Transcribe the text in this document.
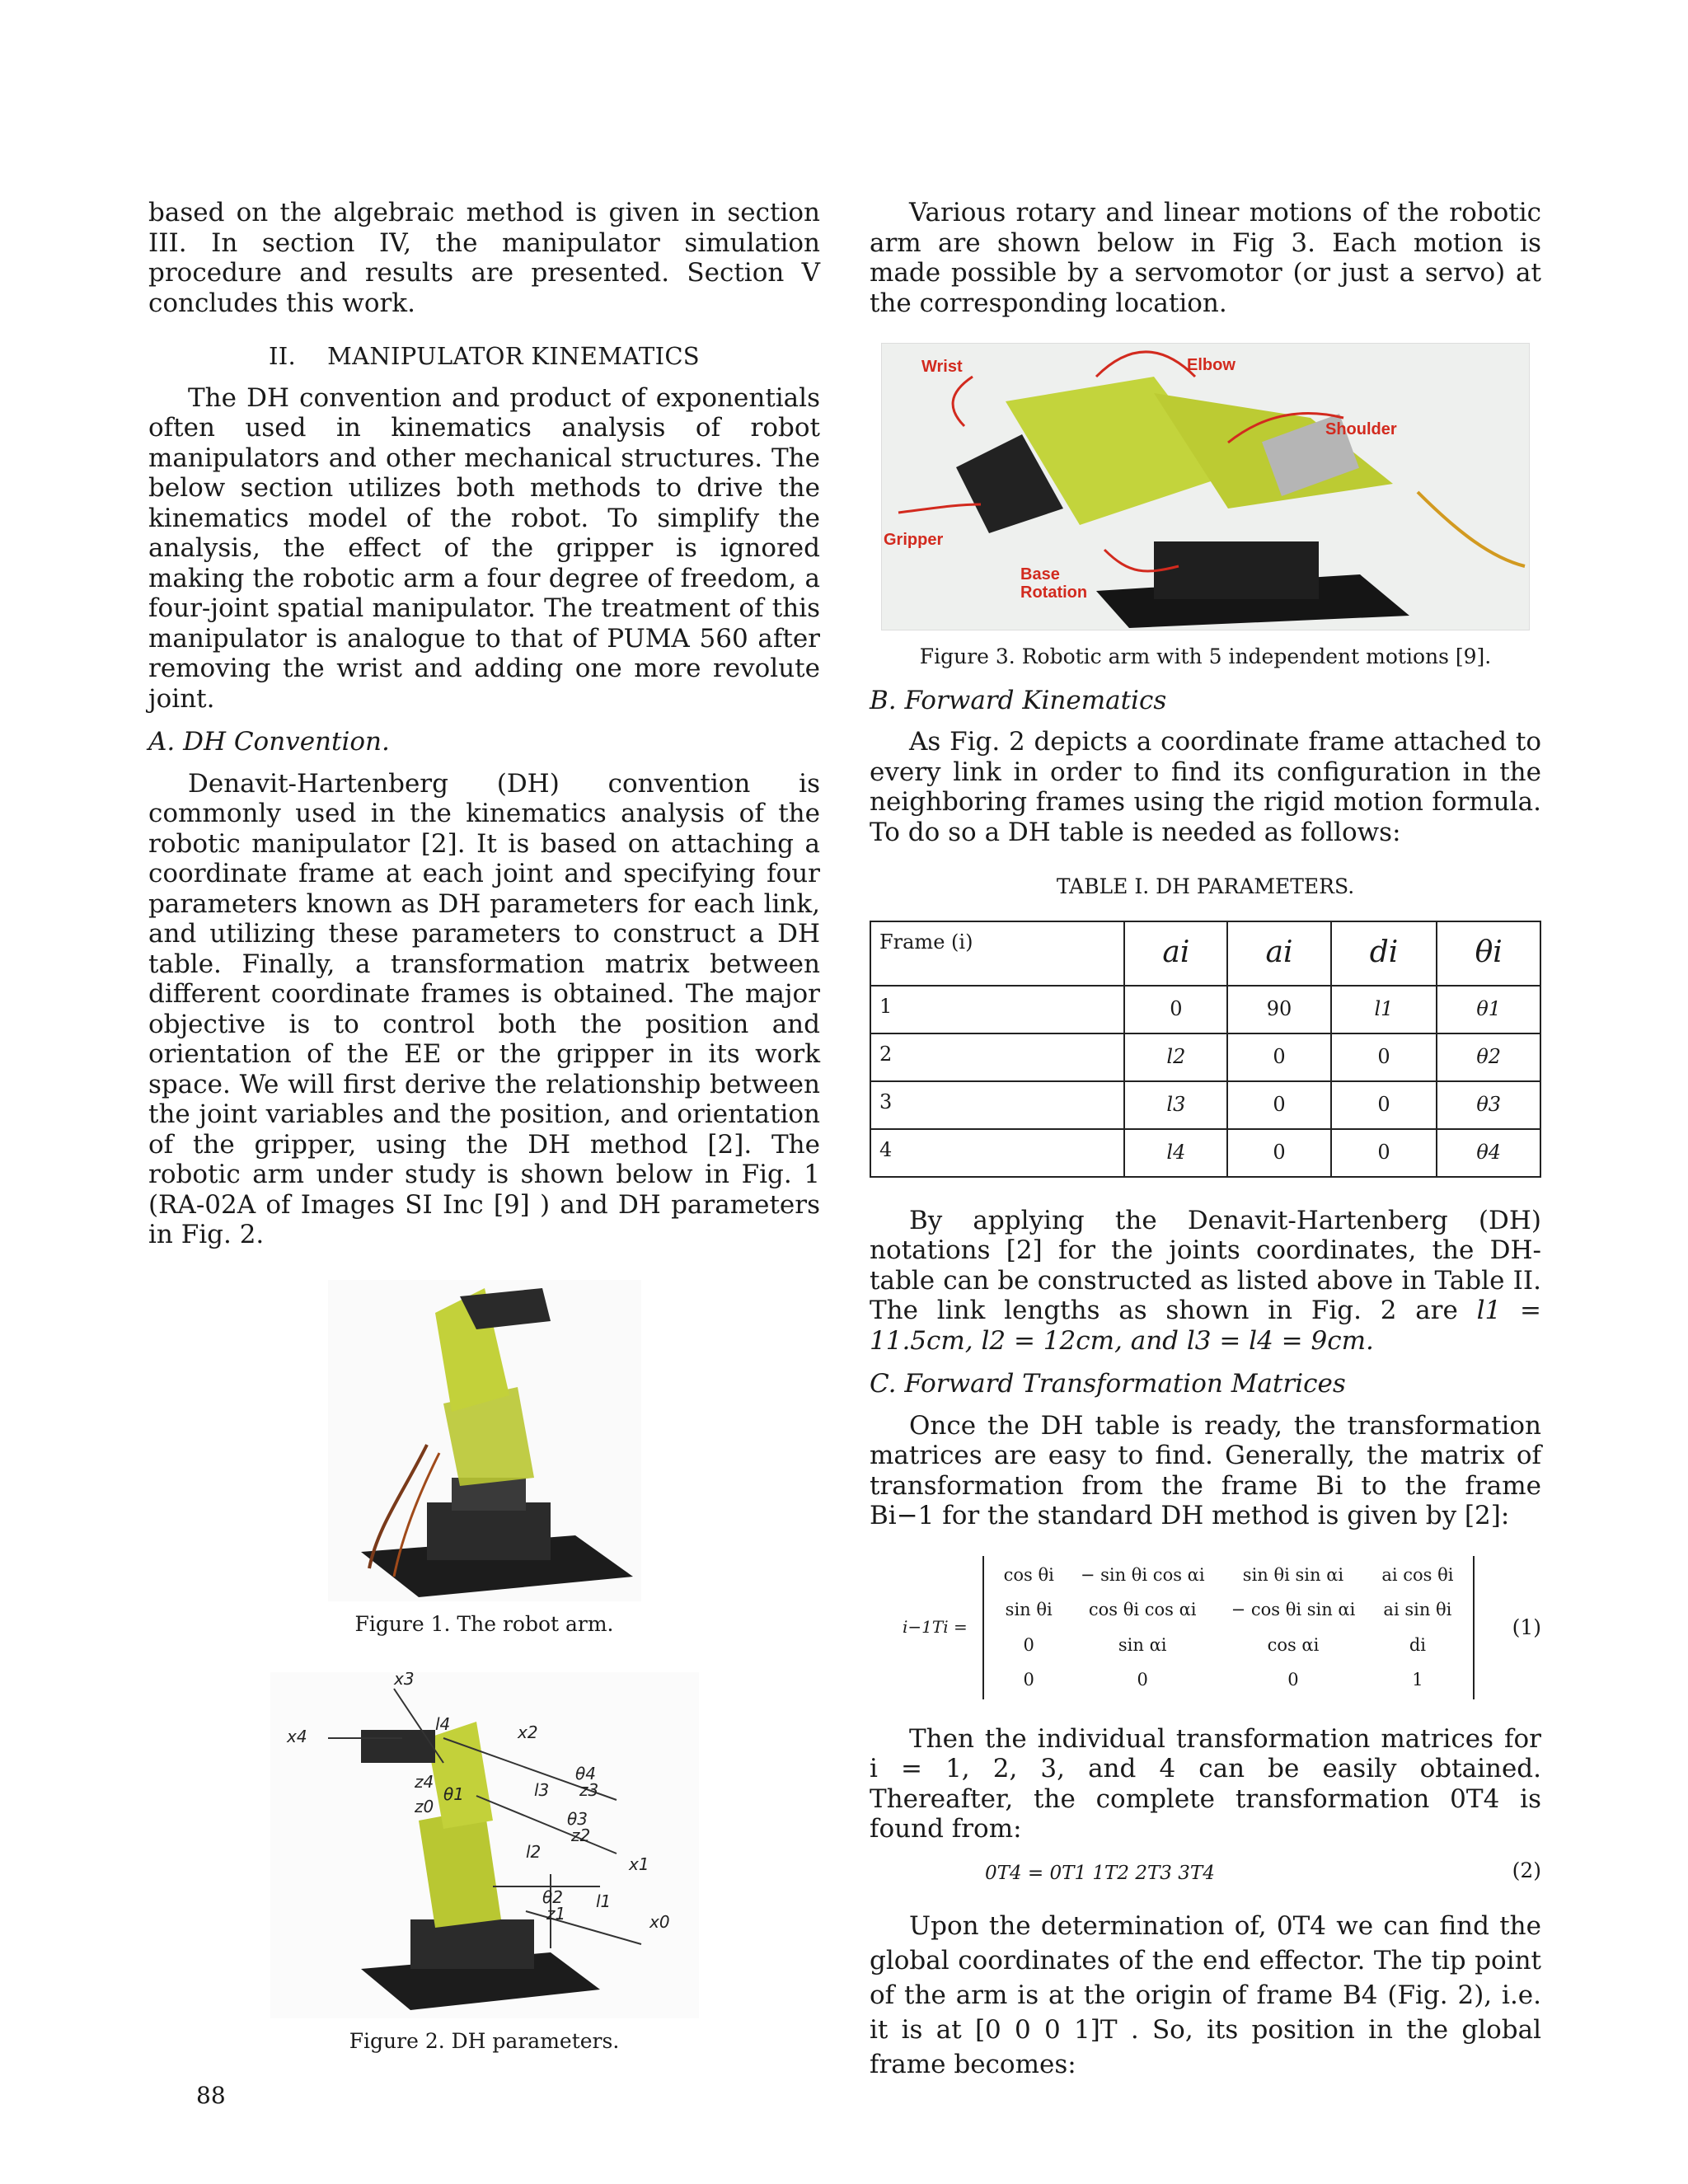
based on the algebraic method is given in section III. In section IV, the manipulator simulation procedure and results are presented. Section V concludes this work.

II. MANIPULATOR KINEMATICS

The DH convention and product of exponentials often used in kinematics analysis of robot manipulators and other mechanical structures. The below section utilizes both methods to drive the kinematics model of the robot. To simplify the analysis, the effect of the gripper is ignored making the robotic arm a four degree of freedom, a four-joint spatial manipulator. The treatment of this manipulator is analogue to that of PUMA 560 after removing the wrist and adding one more revolute joint.

A. DH Convention.

Denavit-Hartenberg (DH) convention is commonly used in the kinematics analysis of the robotic manipulator [2]. It is based on attaching a coordinate frame at each joint and specifying four parameters known as DH parameters for each link, and utilizing these parameters to construct a DH table. Finally, a transformation matrix between different coordinate frames is obtained. The major objective is to control both the position and orientation of the EE or the gripper in its work space. We will first derive the relationship between the joint variables and the position, and orientation of the gripper, using the DH method [2]. The robotic arm under study is shown below in Fig. 1 (RA-02A of Images SI Inc [9] ) and DH parameters in Fig. 2.

Figure 1. The robot arm.
x3
l4	x2
x4
θ4
z3
z4
θ1	l3
θ3
z0
z2
l2
x1
θ2 l1
z1	x0
Figure 2. DH parameters.

Various rotary and linear motions of the robotic arm are shown below in Fig 3. Each motion is made possible by a servomotor (or just a servo) at the corresponding location.

Wrist	Elbow
Shoulder
Gripper
Base
Rotation
Figure 3. Robotic arm with 5 independent motions [9].
B. Forward Kinematics

As Fig. 2 depicts a coordinate frame attached to every link in order to find its configuration in the neighboring frames using the rigid motion formula. To do so a DH table is needed as follows:

TABLE I. DH PARAMETERS.
Frame (i)	ai	ai	di	θi
1	0	90	l1	θ1
2	l2	0	0	θ2
3	l3	0	0	θ3
4	l4	0	0	θ4

By applying the Denavit-Hartenberg (DH) notations [2] for the joints coordinates, the DH-table can be constructed as listed above in Table II. The link lengths as shown in Fig. 2 are l1 = 11.5cm, l2 = 12cm, and l3 = l4 = 9cm.

C. Forward Transformation Matrices

Once the DH table is ready, the transformation matrices are easy to find. Generally, the matrix of transformation from the frame Bi to the frame Bi−1 for the standard DH method is given by [2]:

i−1Ti =
cos θi	− sin θi cos αi	sin θi sin αi	ai cos θi
sin θi	cos θi cos αi	− cos θi sin αi	ai sin θi
0	sin αi	cos αi	di
0	0	0	1
(1)

Then the individual transformation matrices for i = 1, 2, 3, and 4 can be easily obtained. Thereafter, the complete transformation 0T4 is found from:

0T4 = 0T1 1T2 2T3 3T4	(2)

Upon the determination of, 0T4 we can find the global coordinates of the end effector. The tip point of the arm is at the origin of frame B4 (Fig. 2), i.e. it is at [0 0 0 1]T . So, its position in the global frame becomes:

88
